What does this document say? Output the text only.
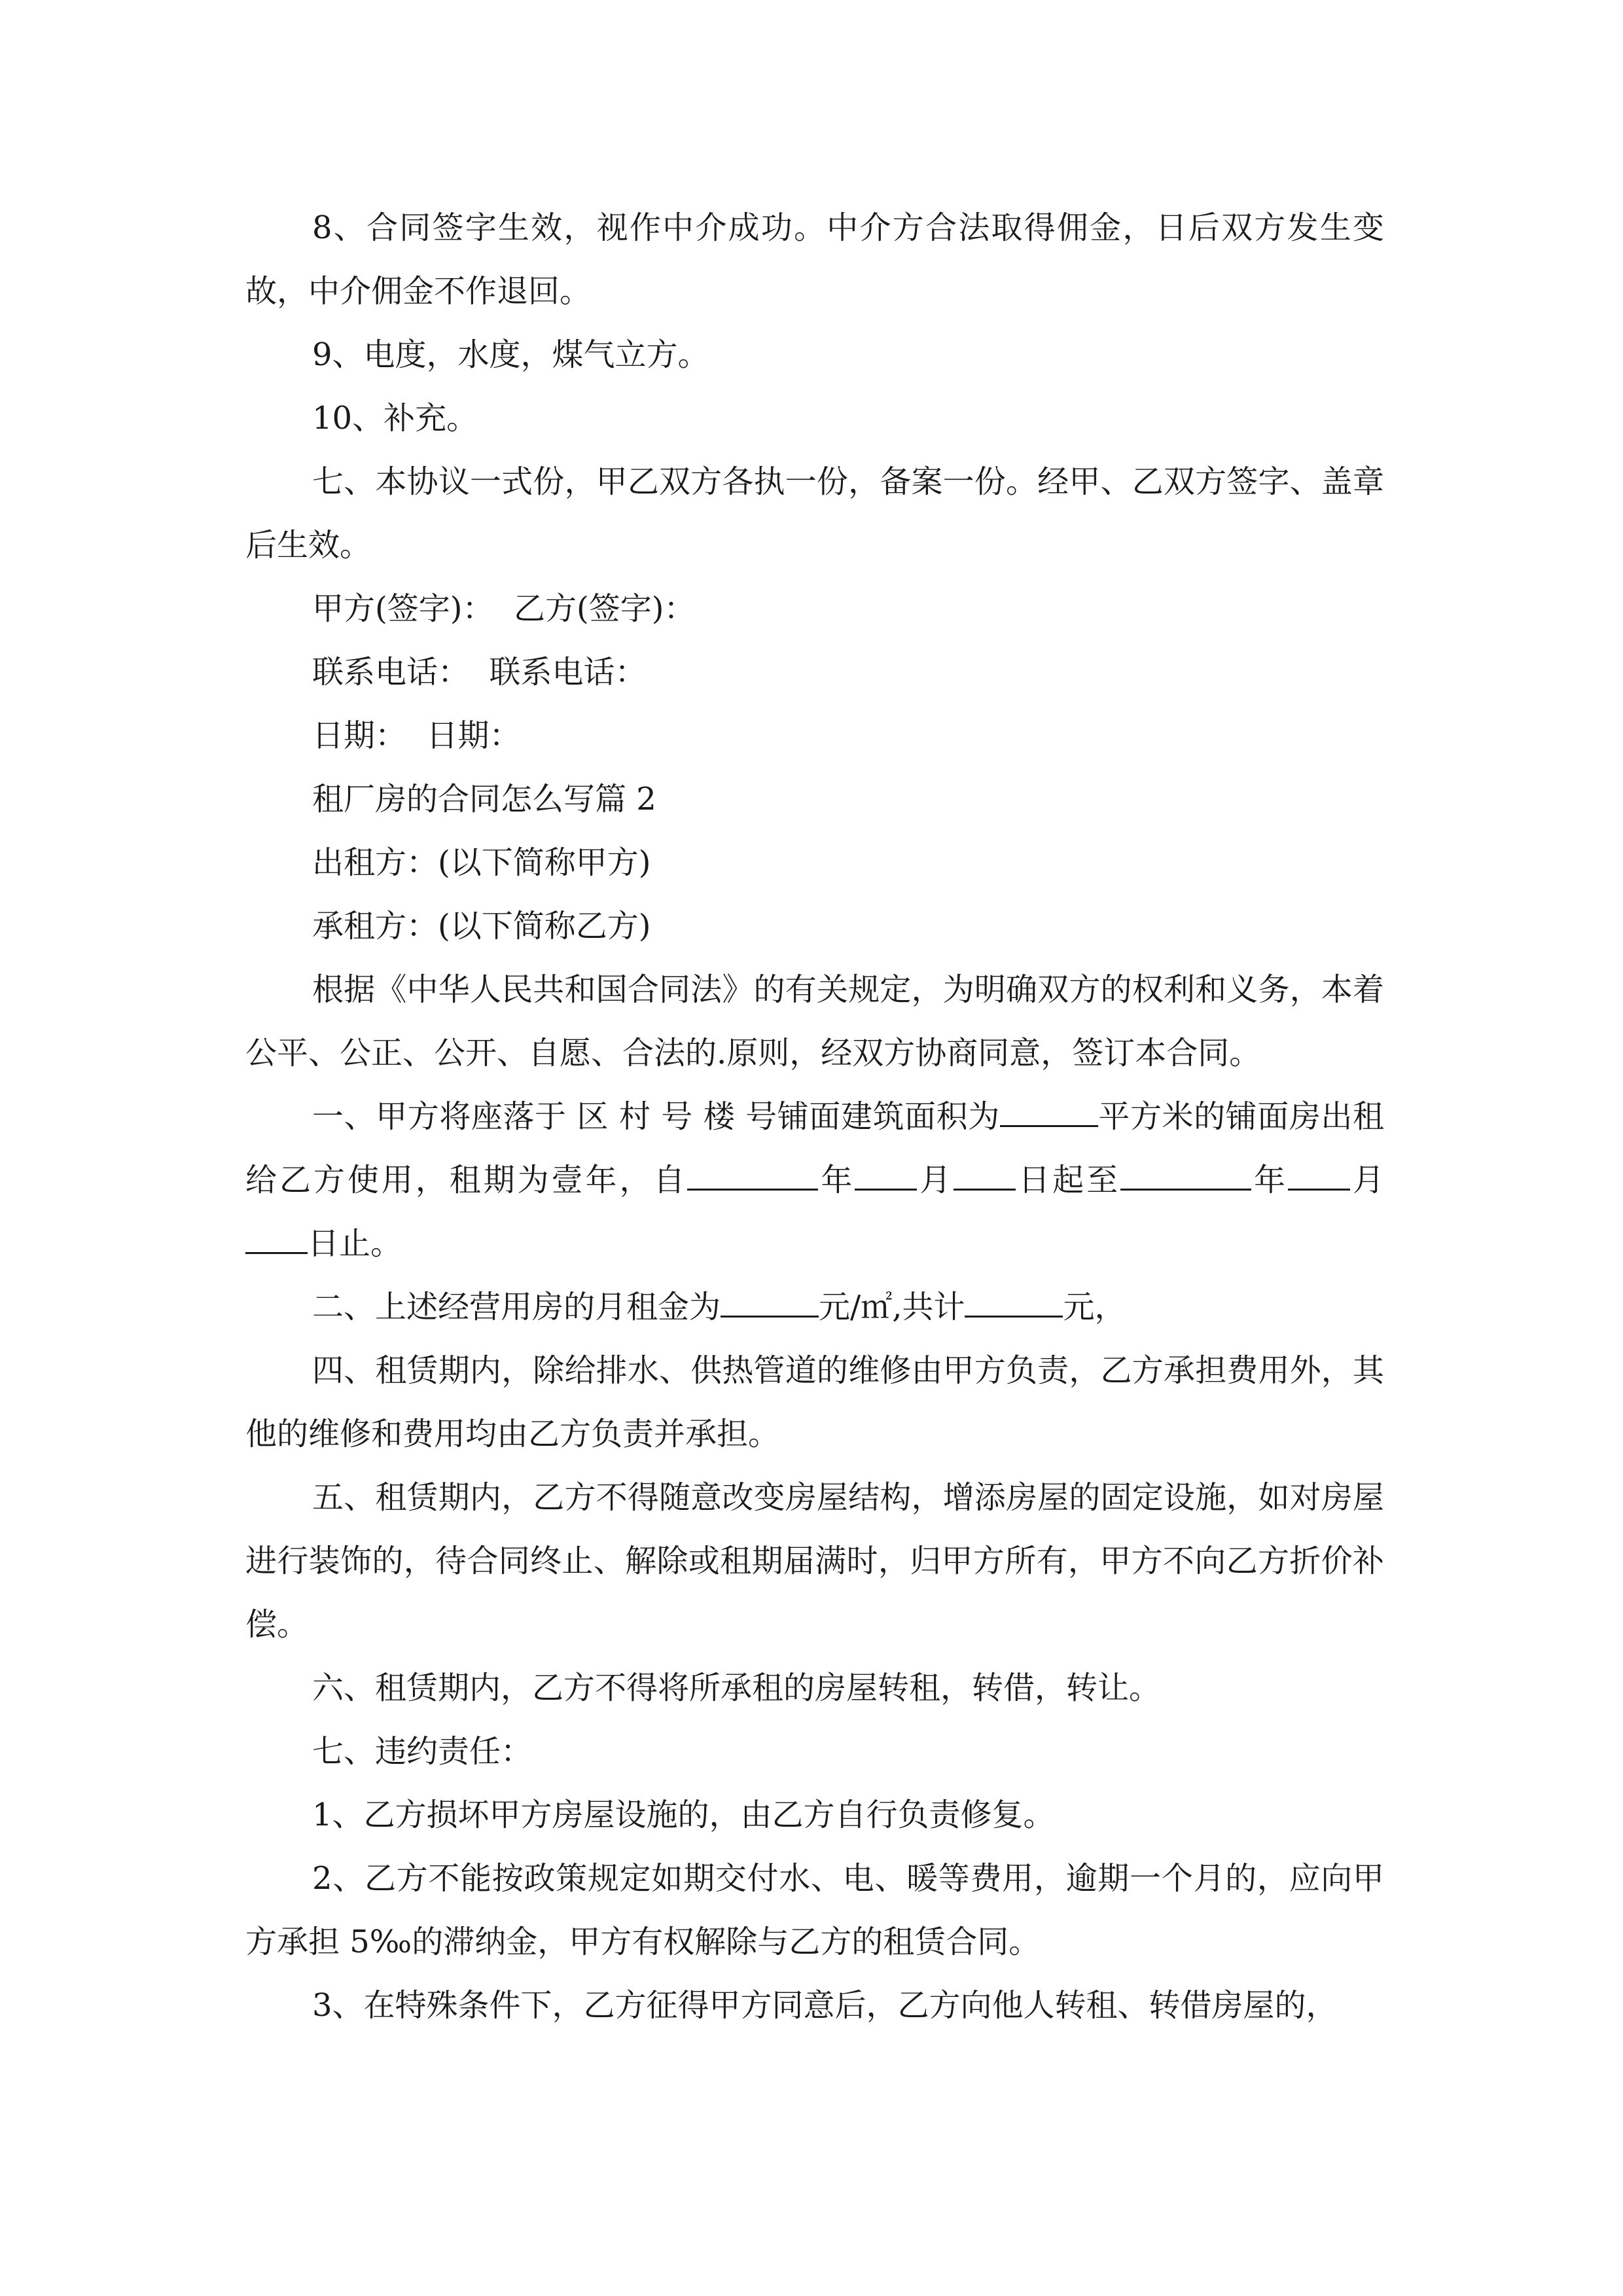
8、合同签字生效，视作中介成功。中介方合法取得佣金，日后双方发生变故，中介佣金不作退回。

9、电度，水度，煤气立方。

10、补充。

七、本协议一式份，甲乙双方各执一份，备案一份。经甲、乙双方签字、盖章后生效。

甲方(签字)：  乙方(签字)：

联系电话：  联系电话：

日期：  日期：

租厂房的合同怎么写篇 2

出租方：(以下简称甲方)

承租方：(以下简称乙方)

根据《中华人民共和国合同法》的有关规定，为明确双方的权利和义务，本着公平、公正、公开、自愿、合法的.原则，经双方协商同意，签订本合同。

一、甲方将座落于 区 村 号 楼 号铺面建筑面积为	平方米的铺面房出租给乙方使用，租期为壹年，自	年 月 日起至	年 月日止。

二、上述经营用房的月租金为	元/㎡,共计	元，

四、租赁期内，除给排水、供热管道的维修由甲方负责，乙方承担费用外，其他的维修和费用均由乙方负责并承担。

五、租赁期内，乙方不得随意改变房屋结构，增添房屋的固定设施，如对房屋进行装饰的，待合同终止、解除或租期届满时，归甲方所有，甲方不向乙方折价补偿。

六、租赁期内，乙方不得将所承租的房屋转租，转借，转让。

七、违约责任：

1、乙方损坏甲方房屋设施的，由乙方自行负责修复。

2、乙方不能按政策规定如期交付水、电、暖等费用，逾期一个月的，应向甲方承担 5‰的滞纳金，甲方有权解除与乙方的租赁合同。

3、在特殊条件下，乙方征得甲方同意后，乙方向他人转租、转借房屋的，
